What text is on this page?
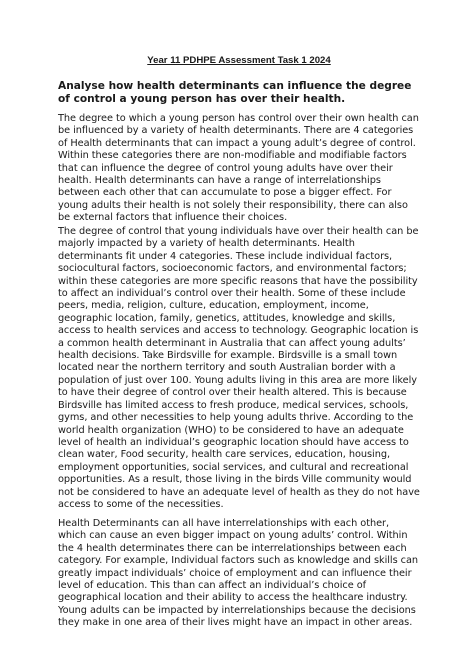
Year 11 PDHPE Assessment Task 1 2024

Analyse how health determinants can influence the degree of control a young person has over their health.

The degree to which a young person has control over their own health can be influenced by a variety of health determinants. There are 4 categories of Health determinants that can impact a young adult’s degree of control. Within these categories there are non-modifiable and modifiable factors that can influence the degree of control young adults have over their health. Health determinants can have a range of interrelationships between each other that can accumulate to pose a bigger effect. For young adults their health is not solely their responsibility, there can also be external factors that influence their choices.

The degree of control that young individuals have over their health can be majorly impacted by a variety of health determinants. Health determinants fit under 4 categories. These include individual factors, sociocultural factors, socioeconomic factors, and environmental factors; within these categories are more specific reasons that have the possibility to affect an individual’s control over their health. Some of these include peers, media, religion, culture, education, employment, income, geographic location, family, genetics, attitudes, knowledge and skills, access to health services and access to technology. Geographic location is a common health determinant in Australia that can affect young adults’ health decisions. Take Birdsville for example. Birdsville is a small town located near the northern territory and south Australian border with a population of just over 100. Young adults living in this area are more likely to have their degree of control over their health altered. This is because Birdsville has limited access to fresh produce, medical services, schools, gyms, and other necessities to help young adults thrive. According to the world health organization (WHO) to be considered to have an adequate level of health an individual’s geographic location should have access to clean water, Food security, health care services, education, housing, employment opportunities, social services, and cultural and recreational opportunities. As a result, those living in the birds Ville community would not be considered to have an adequate level of health as they do not have access to some of the necessities.

Health Determinants can all have interrelationships with each other, which can cause an even bigger impact on young adults’ control. Within the 4 health determinates there can be interrelationships between each category. For example, Individual factors such as knowledge and skills can greatly impact individuals’ choice of employment and can influence their level of education. This than can affect an individual’s choice of geographical location and their ability to access the healthcare industry. Young adults can be impacted by interrelationships because the decisions they make in one area of their lives might have an impact in other areas.
